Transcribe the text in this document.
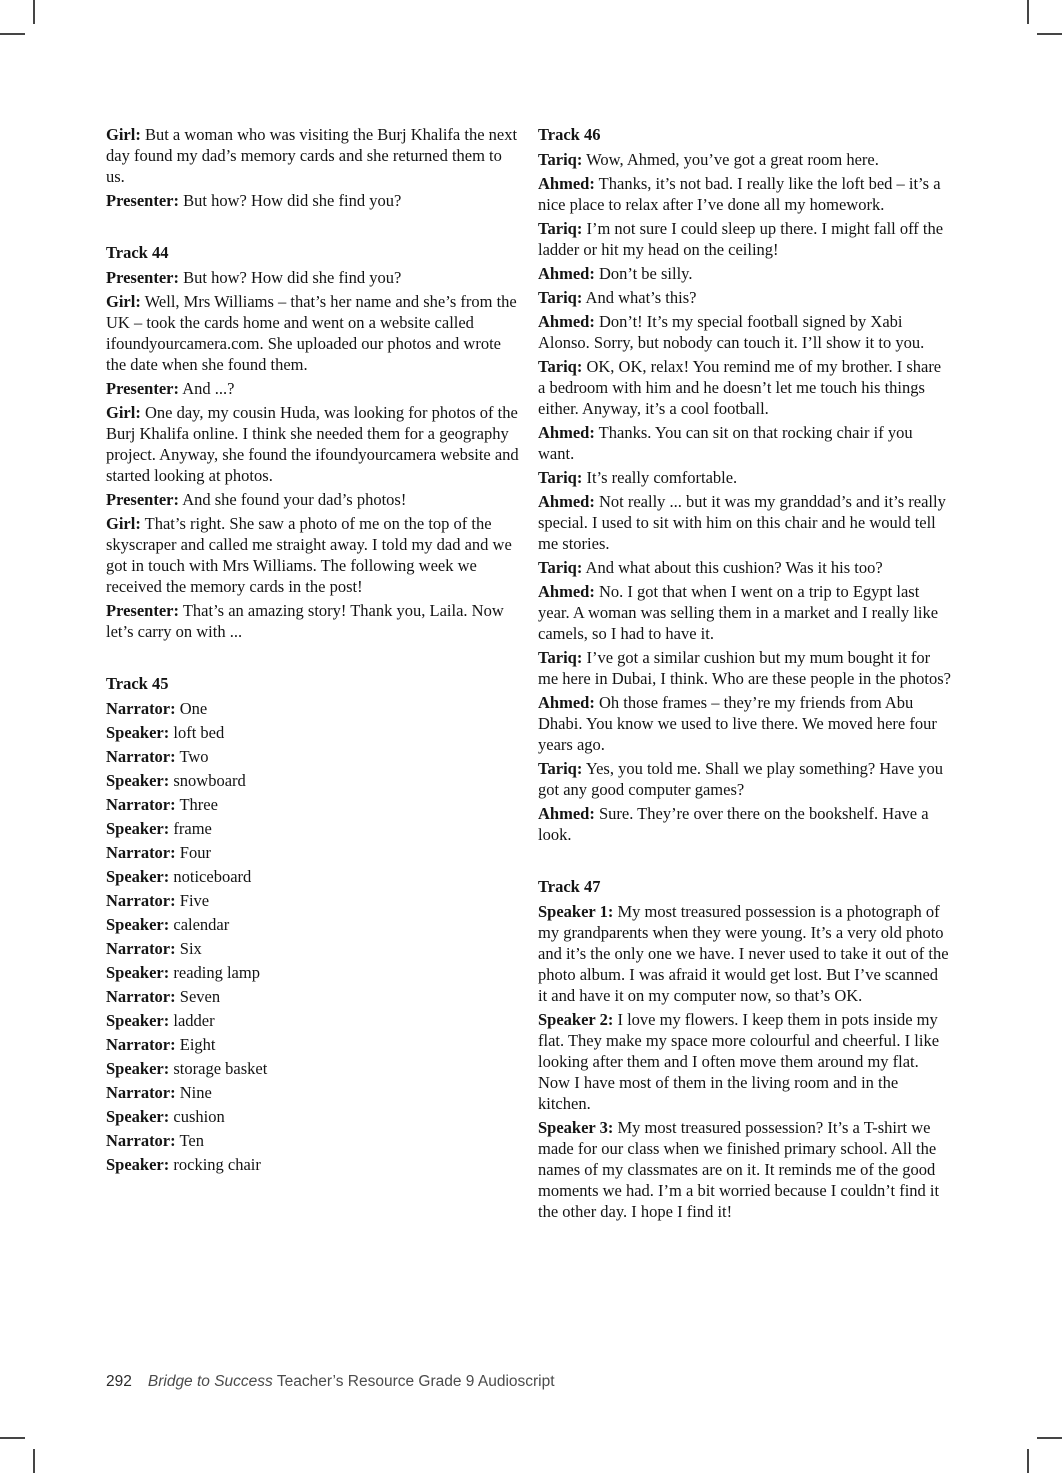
Girl: But a woman who was visiting the Burj Khalifa the next day found my dad’s memory cards and she returned them to us.

Presenter: But how? How did she find you?

Track 44

Presenter: But how? How did she find you?

Girl: Well, Mrs Williams – that’s her name and she’s from the UK – took the cards home and went on a website called ifoundyourcamera.com. She uploaded our photos and wrote the date when she found them.

Presenter: And ...?

Girl: One day, my cousin Huda, was looking for photos of the Burj Khalifa online. I think she needed them for a geography project. Anyway, she found the ifoundyourcamera website and started looking at photos.

Presenter: And she found your dad’s photos!

Girl: That’s right. She saw a photo of me on the top of the skyscraper and called me straight away. I told my dad and we got in touch with Mrs Williams. The following week we received the memory cards in the post!

Presenter: That’s an amazing story! Thank you, Laila. Now let’s carry on with ...

Track 45

Narrator: One

Speaker: loft bed

Narrator: Two

Speaker: snowboard

Narrator: Three

Speaker: frame

Narrator: Four

Speaker: noticeboard

Narrator: Five

Speaker: calendar

Narrator: Six

Speaker: reading lamp

Narrator: Seven

Speaker: ladder

Narrator: Eight

Speaker: storage basket

Narrator: Nine

Speaker: cushion

Narrator: Ten

Speaker: rocking chair

Track 46

Tariq: Wow, Ahmed, you’ve got a great room here.

Ahmed: Thanks, it’s not bad. I really like the loft bed – it’s a nice place to relax after I’ve done all my homework.

Tariq: I’m not sure I could sleep up there. I might fall off the ladder or hit my head on the ceiling!

Ahmed: Don’t be silly.

Tariq: And what’s this?

Ahmed: Don’t! It’s my special football signed by Xabi Alonso. Sorry, but nobody can touch it. I’ll show it to you.

Tariq: OK, OK, relax! You remind me of my brother. I share a bedroom with him and he doesn’t let me touch his things either. Anyway, it’s a cool football.

Ahmed: Thanks. You can sit on that rocking chair if you want.

Tariq: It’s really comfortable.

Ahmed: Not really ... but it was my granddad’s and it’s really special. I used to sit with him on this chair and he would tell me stories.

Tariq: And what about this cushion? Was it his too?

Ahmed: No. I got that when I went on a trip to Egypt last year. A woman was selling them in a market and I really like camels, so I had to have it.

Tariq: I’ve got a similar cushion but my mum bought it for me here in Dubai, I think. Who are these people in the photos?

Ahmed: Oh those frames – they’re my friends from Abu Dhabi. You know we used to live there. We moved here four years ago.

Tariq: Yes, you told me. Shall we play something? Have you got any good computer games?

Ahmed: Sure. They’re over there on the bookshelf. Have a look.

Track 47

Speaker 1: My most treasured possession is a photograph of my grandparents when they were young. It’s a very old photo and it’s the only one we have. I never used to take it out of the photo album. I was afraid it would get lost. But I’ve scanned it and have it on my computer now, so that’s OK.

Speaker 2: I love my flowers. I keep them in pots inside my flat. They make my space more colourful and cheerful. I like looking after them and I often move them around my flat. Now I have most of them in the living room and in the kitchen.

Speaker 3: My most treasured possession? It’s a T-shirt we made for our class when we finished primary school. All the names of my classmates are on it. It reminds me of the good moments we had. I’m a bit worried because I couldn’t find it the other day. I hope I find it!

292 Bridge to Success Teacher’s Resource Grade 9 Audioscript
